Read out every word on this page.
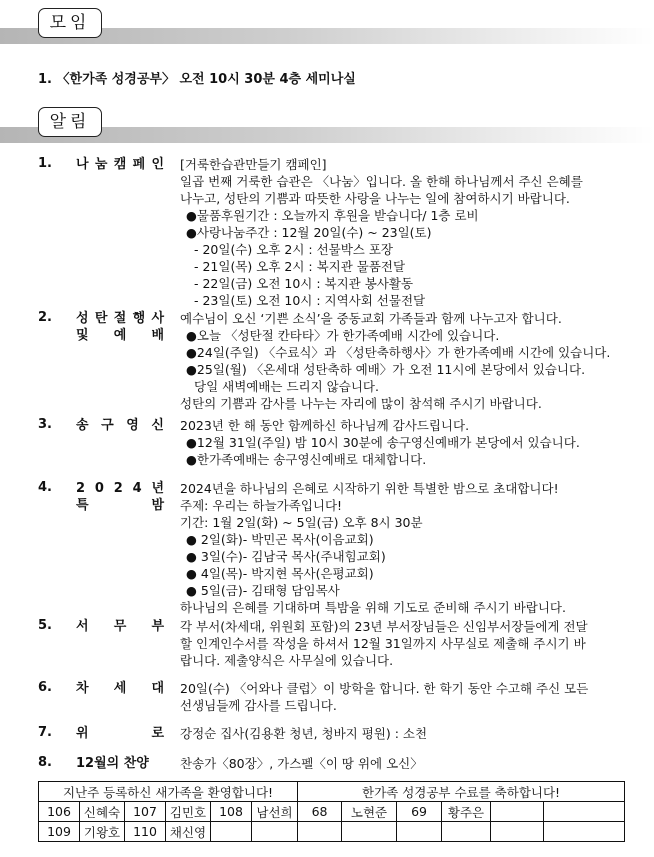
모임
1. 〈한가족 성경공부〉 오전 10시 30분 4층 세미나실
알림
1.	나 눔 캠 페 인 [거룩한습관만들기 캠페인]
일곱 번째 거룩한 습관은 〈나눔〉입니다. 올 한해 하나님께서 주신 은혜를
나누고, 성탄의 기쁨과 따뜻한 사랑을 나누는 일에 참여하시기 바랍니다.
●물품후원기간 : 오늘까지 후원을 받습니다/ 1층 로비
●사랑나눔주간 : 12월 20일(수) ~ 23일(토)
- 20일(수) 오후 2시 : 선물박스 포장
- 21일(목) 오후 2시 : 복지관 물품전달
- 22일(금) 오전 10시 : 복지관 봉사활동
- 23일(토) 오전 10시 : 지역사회 선물전달
2.	성 탄 절 행 사
및 예 배
예수님이 오신 ‘기쁜 소식’을 중동교회 가족들과 함께 나누고자 합니다.
●오늘 〈성탄절 칸타타〉가 한가족예배 시간에 있습니다.
●24일(주일) 〈수료식〉과 〈성탄축하행사〉가 한가족예배 시간에 있습니다.
●25일(월) 〈온세대 성탄축하 예배〉가 오전 11시에 본당에서 있습니다.
당일 새벽예배는 드리지 않습니다.
성탄의 기쁨과 감사를 나누는 자리에 많이 참석해 주시기 바랍니다.
3.	송 구 영 신 2023년 한 해 동안 함께하신 하나님께 감사드립니다.
●12월 31일(주일) 밤 10시 30분에 송구영신예배가 본당에서 있습니다.
●한가족예배는 송구영신예배로 대체합니다.
4.	2 0 2 4 년
특	밤
2024년을 하나님의 은혜로 시작하기 위한 특별한 밤으로 초대합니다!
주제: 우리는 하늘가족입니다!
기간: 1월 2일(화) ~ 5일(금) 오후 8시 30분
● 2일(화)- 박민곤 목사(이음교회)
● 3일(수)- 김남국 목사(주내힘교회)
● 4일(목)- 박지현 목사(은평교회)
● 5일(금)- 김태형 담임목사
하나님의 은혜를 기대하며 특밤을 위해 기도로 준비해 주시기 바랍니다.
5.	서 무 부 각 부서(차세대, 위원회 포함)의 23년 부서장님들은 신임부서장들에게 전달
할 인계인수서를 작성을 하셔서 12월 31일까지 사무실로 제출해 주시기 바
랍니다. 제출양식은 사무실에 있습니다.
6.	차 세 대 20일(수) 〈어와나 클럽〉이 방학을 합니다. 한 학기 동안 수고해 주신 모든
선생님들께 감사를 드립니다.
7.	위	로 강정순 집사(김용환 청년, 청바지 평원) : 소천
8.	12월의 찬양	찬송가〈80장〉, 가스펠〈이 땅 위에 오신〉
지난주 등록하신 새가족을 환영합니다!						한가족 성경공부 수료를 축하합니다!					
106	신혜숙	107	김민호	108	남선희	68	노현준	69	황주은		
109	기왕호	110	채신영								
